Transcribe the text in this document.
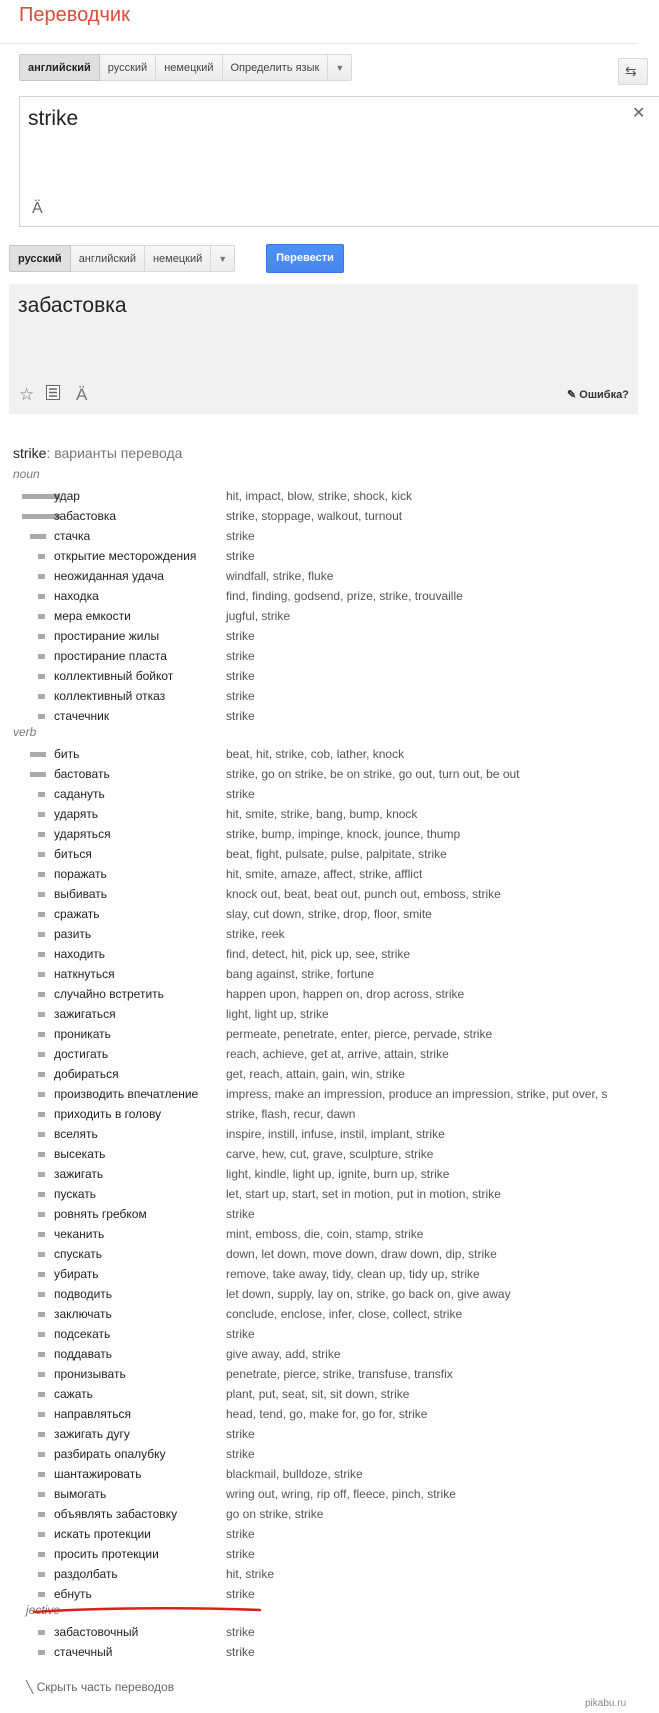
Переводчик
английский	русский	немецкий	Определить язык	▼	⇆
strike	✕
Ä
русский	английский	немецкий	▼	Перевести
забастовка
☆ Ä	✎ Ошибка?
strike: варианты перевода
noun
удар	hit, impact, blow, strike, shock, kick
забастовка	strike, stoppage, walkout, turnout
стачка	strike
открытие месторождения strike
неожиданная удача	windfall, strike, fluke
находка	find, finding, godsend, prize, strike, trouvaille
мера емкости	jugful, strike
простирание жилы	strike
простирание пласта	strike
коллективный бойкот	strike
коллективный отказ	strike
стачечник	strike
verb
бить	beat, hit, strike, cob, lather, knock
бастовать	strike, go on strike, be on strike, go out, turn out, be out
садануть	strike
ударять	hit, smite, strike, bang, bump, knock
ударяться	strike, bump, impinge, knock, jounce, thump
биться	beat, fight, pulsate, pulse, palpitate, strike
поражать	hit, smite, amaze, affect, strike, afflict
выбивать	knock out, beat, beat out, punch out, emboss, strike
сражать	slay, cut down, strike, drop, floor, smite
разить	strike, reek
находить	find, detect, hit, pick up, see, strike
наткнуться	bang against, strike, fortune
случайно встретить	happen upon, happen on, drop across, strike
зажигаться	light, light up, strike
проникать	permeate, penetrate, enter, pierce, pervade, strike
достигать	reach, achieve, get at, arrive, attain, strike
добираться	get, reach, attain, gain, win, strike
производить впечатление impress, make an impression, produce an impression, strike, put over, s
приходить в голову	strike, flash, recur, dawn
вселять	inspire, instill, infuse, instil, implant, strike
высекать	carve, hew, cut, grave, sculpture, strike
зажигать	light, kindle, light up, ignite, burn up, strike
пускать	let, start up, start, set in motion, put in motion, strike
ровнять гребком	strike
чеканить	mint, emboss, die, coin, stamp, strike
спускать	down, let down, move down, draw down, dip, strike
убирать	remove, take away, tidy, clean up, tidy up, strike
подводить	let down, supply, lay on, strike, go back on, give away
заключать	conclude, enclose, infer, close, collect, strike
подсекать	strike
поддавать	give away, add, strike
пронизывать	penetrate, pierce, strike, transfuse, transfix
сажать	plant, put, seat, sit, sit down, strike
направляться	head, tend, go, make for, go for, strike
зажигать дугу	strike
разбирать опалубку	strike
шантажировать	blackmail, bulldoze, strike
вымогать	wring out, wring, rip off, fleece, pinch, strike
объявлять забастовку	go on strike, strike
искать протекции	strike
просить протекции	strike
раздолбать	hit, strike
ебнуть	strike
jective
забастовочный	strike
стачечный	strike
╲ Скрыть часть переводов
pikabu.ru
